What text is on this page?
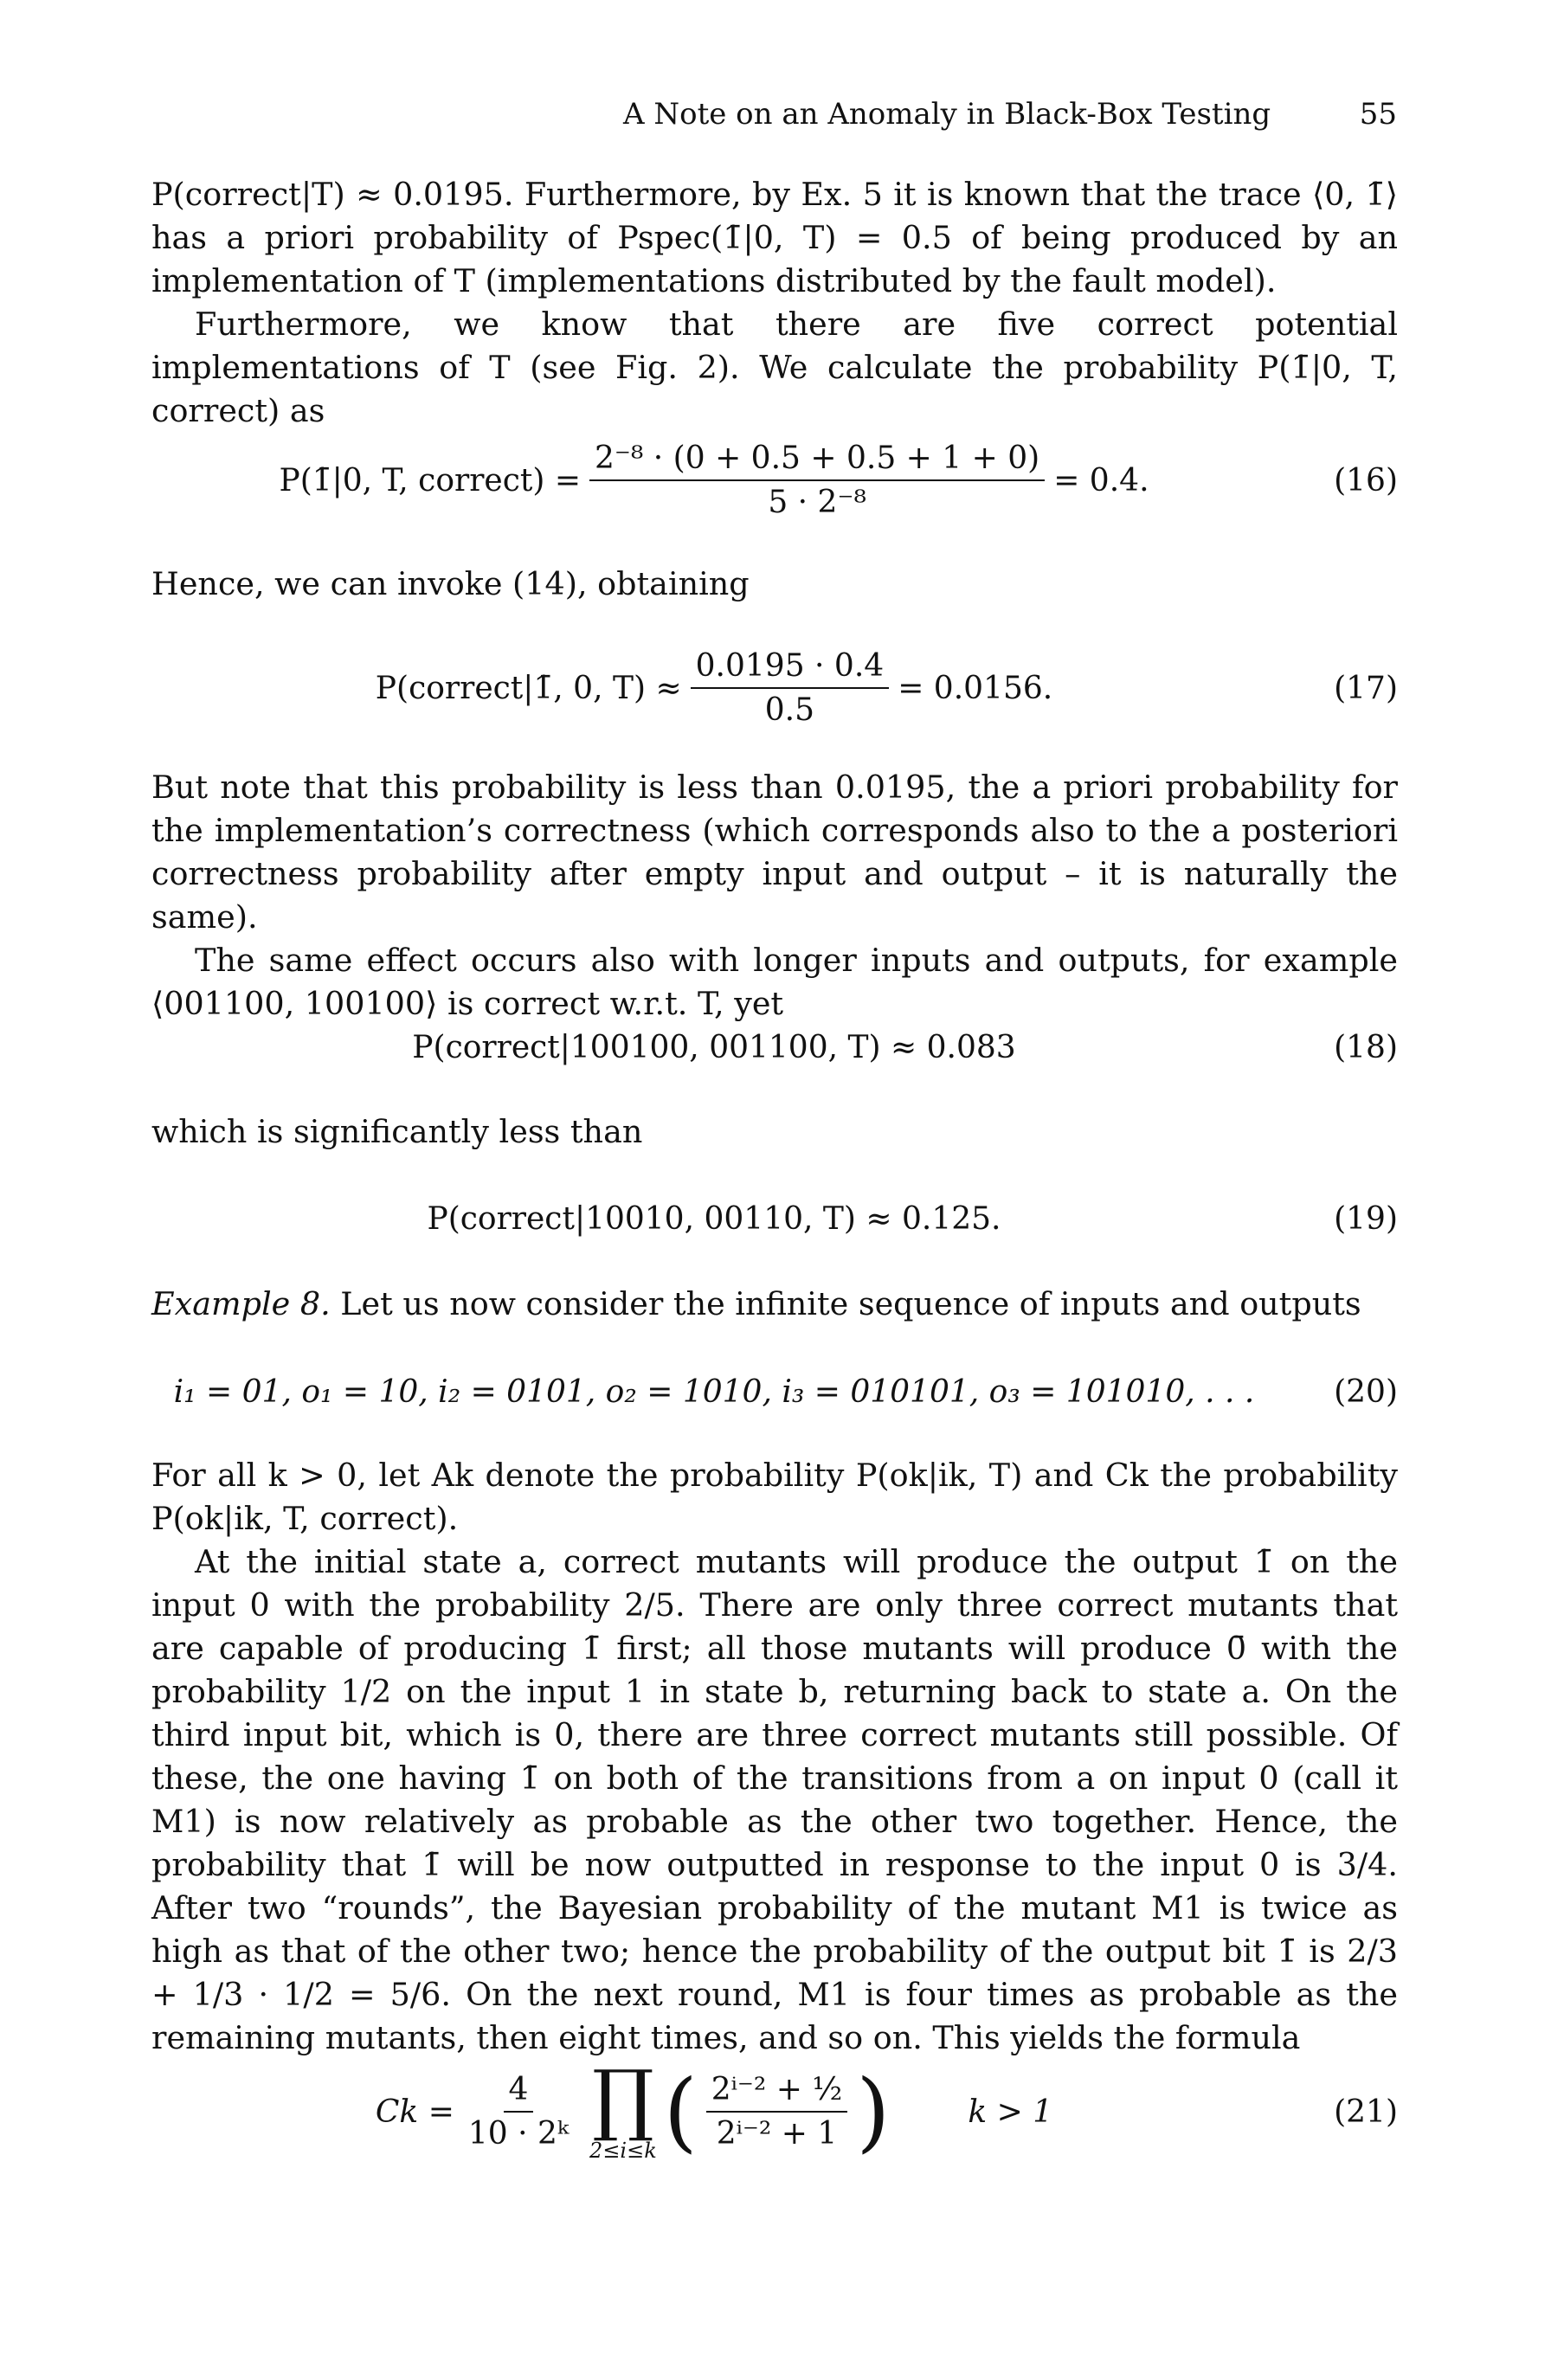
A Note on an Anomaly in Black-Box Testing	55

P(correct|T) ≈ 0.0195. Furthermore, by Ex. 5 it is known that the trace ⟨0, 1̄⟩ has a priori probability of Pspec(1̄|0, T) = 0.5 of being produced by an implementation of T (implementations distributed by the fault model).

Furthermore, we know that there are five correct potential implementations of T (see Fig. 2). We calculate the probability P(1̄|0, T, correct) as

P(1̄|0, T, correct) = $\frac{\text{2⁻⁸ · (0 + 0.5 + 0.5 + 1 + 0)}}{\text{5 · 2⁻⁸}} = 0.4$.	(16)

Hence, we can invoke (14), obtaining

P(correct|1̄, 0, $T) \approx \frac{0.0195 \cdot 0.4}{0.5} = 0.0156$.	(17)

But note that this probability is less than 0.0195, the a priori probability for the implementation’s correctness (which corresponds also to the a posteriori correctness probability after empty input and output – it is naturally the same).

The same effect occurs also with longer inputs and outputs, for example ⟨001100, 100100⟩ is correct w.r.t. T, yet

P(correct|100100, 001100, T) ≈ 0.083	(18)

which is significantly less than

P(correct|10010, 00110, T) ≈ 0.125.	(19)

Example 8. Let us now consider the infinite sequence of inputs and outputs

i₁ = 01, o₁ = 10, i₂ = 0101, o₂ = 1010, i₃ = 010101, o₃ = 101010, . . .	(20)

For all k > 0, let Ak denote the probability P(ok|ik, T) and Ck the probability P(ok|ik, T, correct).

At the initial state a, correct mutants will produce the output 1̄ on the input 0 with the probability 2/5. There are only three correct mutants that are capable of producing 1̄ first; all those mutants will produce 0̄ with the probability 1/2 on the input 1 in state b, returning back to state a. On the third input bit, which is 0, there are three correct mutants still possible. Of these, the one having 1̄ on both of the transitions from a on input 0 (call it M1) is now relatively as probable as the other two together. Hence, the probability that 1̄ will be now outputted in response to the input 0 is 3/4. After two “rounds”, the Bayesian probability of the mutant M1 is twice as high as that of the other two; hence the probability of the output bit 1̄ is 2/3 + 1/3 · 1/2 = 5/6. On the next round, M1 is four times as probable as the remaining mutants, then eight times, and so on. This yields the formula

$Ck = \frac{4}{\text{10 · 2ᵏ}}$ ∏
2≤i≤k ( $\frac{\text{2ⁱ⁻² + ½}}{\text{2ⁱ⁻² + 1}}$ )	k > 1	(21)
